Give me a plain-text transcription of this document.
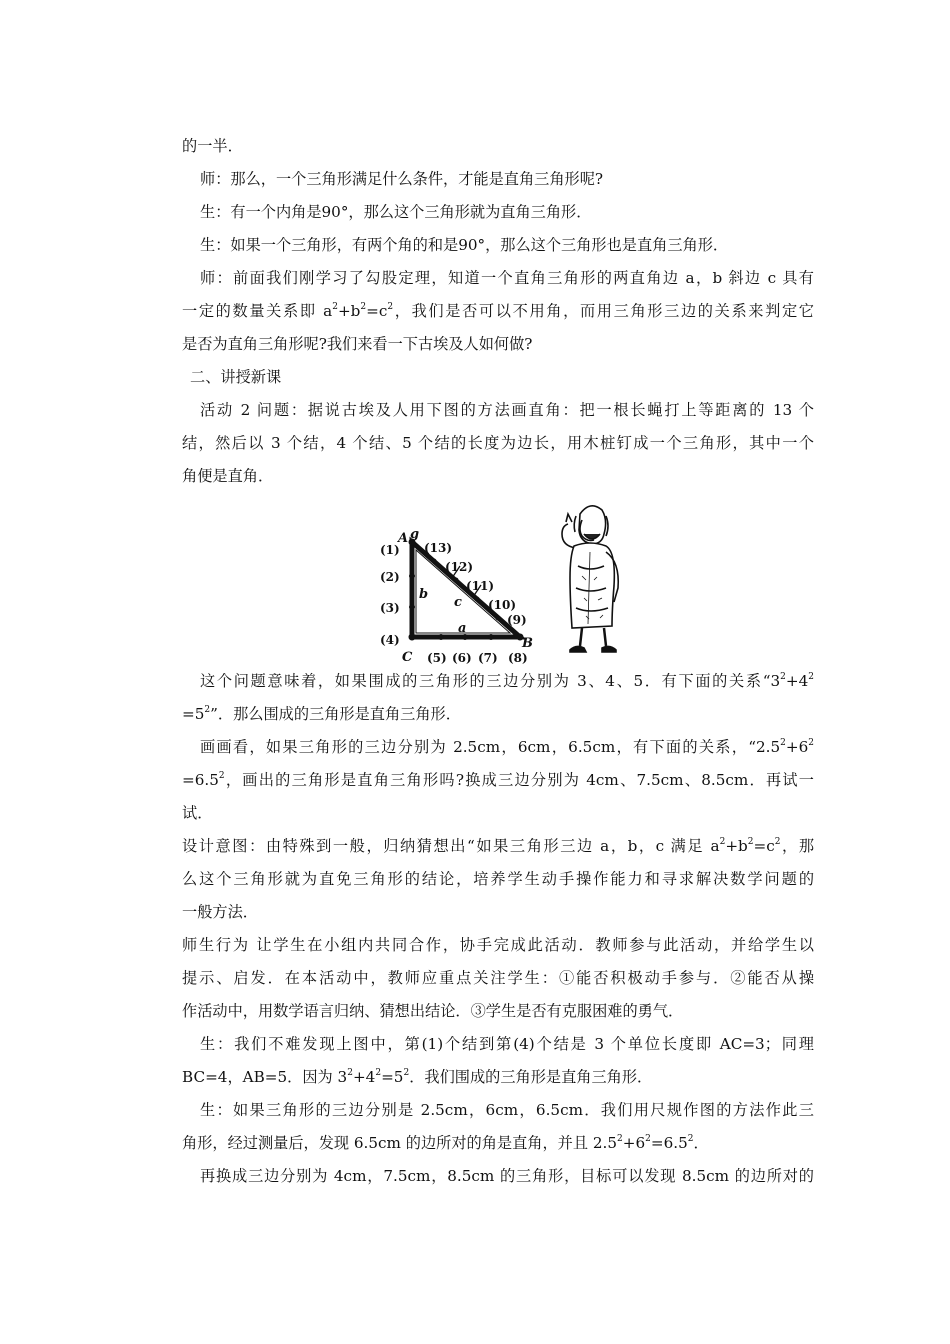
的一半．
师：那么，一个三角形满足什么条件，才能是直角三角形呢?
生：有一个内角是90°，那么这个三角形就为直角三角形．
生：如果一个三角形，有两个角的和是90°，那么这个三角形也是直角三角形．
师：前面我们刚学习了勾股定理，知道一个直角三角形的两直角边 a，b 斜边 c 具有
一定的数量关系即 $a^2+b^2=c^2$，我们是否可以不用角，而用三角形三边的关系来判定它
是否为直角三角形呢?我们来看一下古埃及人如何做?
二、讲授新课
活动 2 问题：据说古埃及人用下图的方法画直角：把一根长蝇打上等距离的 13 个
结，然后以 3 个结，4 个结、5 个结的长度为边长，用木桩钉成一个三角形，其中一个
角便是直角．
A g
B
C
a
b
c
(1)
(2)
(3)
(4)
(5) (6) (7) (8)
(13)
(12)
(11)
(10)
(9)
这个问题意味着，如果围成的三角形的三边分别为 3、4、5．有下面的关系“$3^2+4^2$
$=5^2$”．那么围成的三角形是直角三角形．
画画看，如果三角形的三边分别为 2.5cm，6cm，6.5cm，有下面的关系，“$2.5^2+6^2$
$=6.5^2$，画出的三角形是直角三角形吗?换成三边分别为 4cm、7.5cm、8.5cm．再试一
试．
设计意图：由特殊到一般，归纳猜想出“如果三角形三边 a，b，c 满足 $a^2+b^2=c^2$，那
么这个三角形就为直免三角形的结论，培养学生动手操作能力和寻求解决数学问题的
一般方法．
师生行为 让学生在小组内共同合作，协手完成此活动．教师参与此活动，并给学生以
提示、启发．在本活动中，教师应重点关注学生：①能否积极动手参与．②能否从操
作活动中，用数学语言归纳、猜想出结论．③学生是否有克服困难的勇气．
生：我们不难发现上图中，第(1)个结到第(4)个结是 3 个单位长度即 AC=3；同理
BC=4，AB=5．因为 $3^2+4^2=5^2$．我们围成的三角形是直角三角形．
生：如果三角形的三边分别是 2.5cm，6cm，6.5cm．我们用尺规作图的方法作此三
角形，经过测量后，发现 6.5cm 的边所对的角是直角，并且 $2.5^2+6^2=6.5^2$．
再换成三边分别为 4cm，7.5cm，8.5cm 的三角形，目标可以发现 8.5cm 的边所对的
